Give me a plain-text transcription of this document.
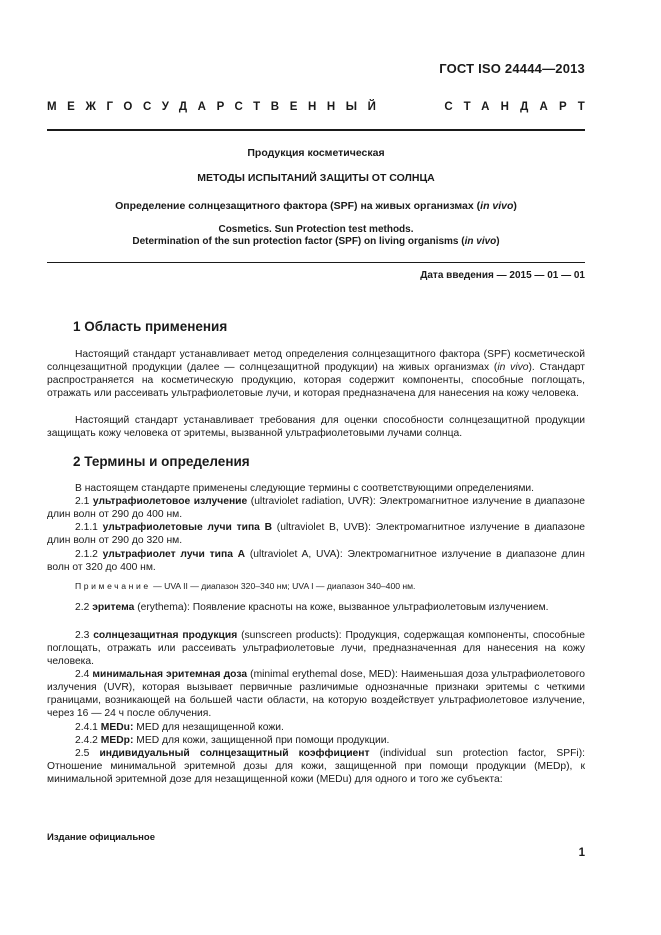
ГОСТ ISO 24444—2013
МЕЖГОСУДАРСТВЕННЫЙ	СТАНДАРТ
Продукция косметическая
МЕТОДЫ ИСПЫТАНИЙ ЗАЩИТЫ ОТ СОЛНЦА
Определение солнцезащитного фактора (SPF) на живых организмах (in vivo)
Cosmetics. Sun Protection test methods.
Determination of the sun protection factor (SPF) on living organisms (in vivo)
Дата введения — 2015 — 01 — 01
1 Область применения

Настоящий стандарт устанавливает метод определения солнцезащитного фактора (SPF) косметической солнцезащитной продукции (далее — солнцезащитной продукции) на живых организмах (in vivo). Стандарт распространяется на косметическую продукцию, которая содержит компоненты, способные поглощать, отражать или рассеивать ультрафиолетовые лучи, и которая предназначена для нанесения на кожу человека.

Настоящий стандарт устанавливает требования для оценки способности солнцезащитной продукции защищать кожу человека от эритемы, вызванной ультрафиолетовыми лучами солнца.

2 Термины и определения

В настоящем стандарте применены следующие термины с соответствующими определениями.

2.1 ультрафиолетовое излучение (ultraviolet radiation, UVR): Электромагнитное излучение в диапазоне длин волн от 290 до 400 нм.

2.1.1 ультрафиолетовые лучи типа B (ultraviolet B, UVB): Электромагнитное излучение в диапазоне длин волн от 290 до 320 нм.

2.1.2 ультрафиолет лучи типа A (ultraviolet A, UVA): Электромагнитное излучение в диапазоне длин волн от 320 до 400 нм.

Примечание — UVA II — диапазон 320–340 нм; UVA I — диапазон 340–400 нм.

2.2 эритема (erythema): Появление красноты на коже, вызванное ультрафиолетовым излучением.

2.3 солнцезащитная продукция (sunscreen products): Продукция, содержащая компоненты, способные поглощать, отражать или рассеивать ультрафиолетовые лучи, предназначенная для нанесения на кожу человека.

2.4 минимальная эритемная доза (minimal erythemal dose, MED): Наименьшая доза ультрафиолетового излучения (UVR), которая вызывает первичные различимые однозначные признаки эритемы с четкими границами, возникающей на большей части области, на которую воздействует ультрафиолетовое излучение, через 16 — 24 ч после облучения.

2.4.1 MEDu: MED для незащищенной кожи.

2.4.2 MEDp: MED для кожи, защищенной при помощи продукции.

2.5 индивидуальный солнцезащитный коэффициент (individual sun protection factor, SPFi): Отношение минимальной эритемной дозы для кожи, защищенной при помощи продукции (MEDp), к минимальной эритемной дозе для незащищенной кожи (MEDu) для одного и того же субъекта:

Издание официальное
1
